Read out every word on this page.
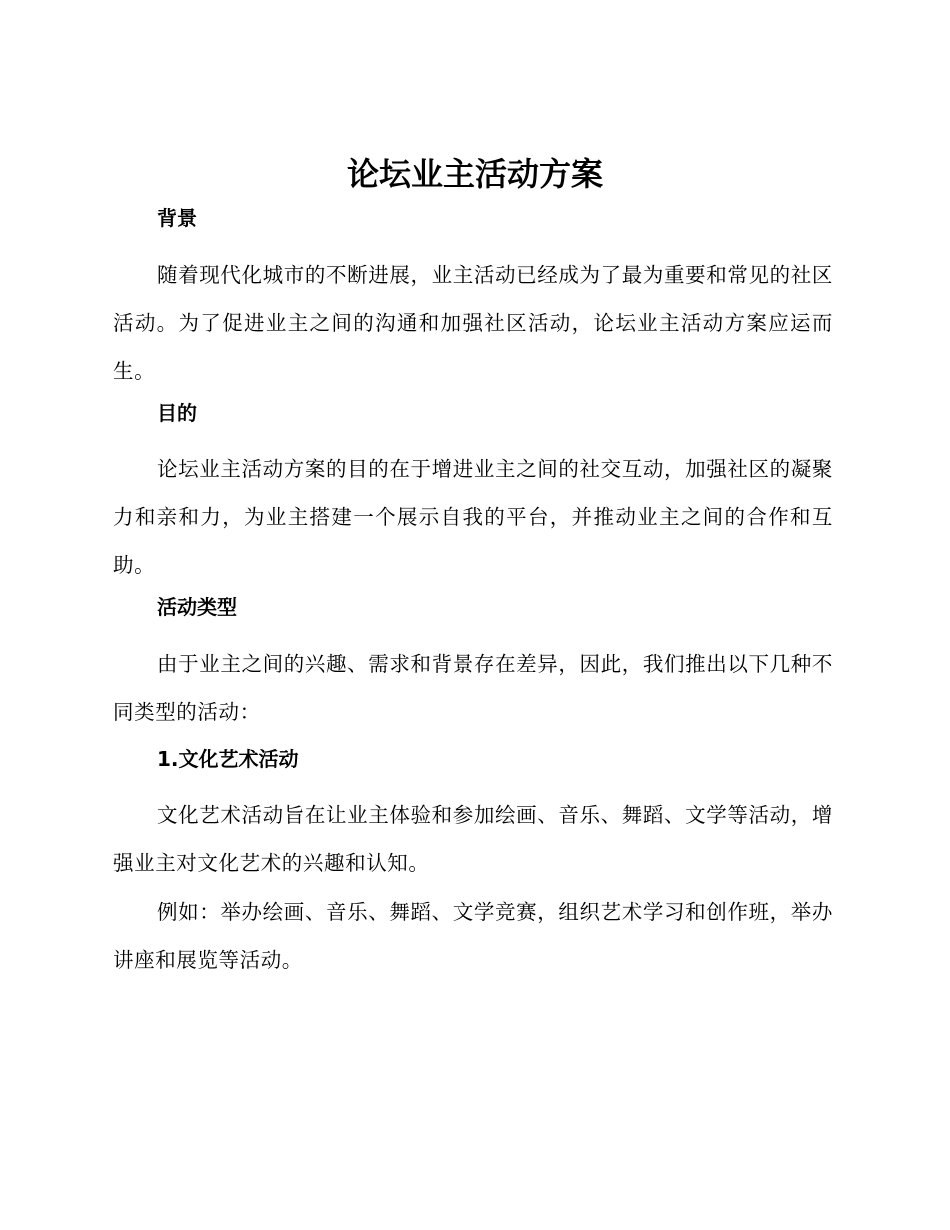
论坛业主活动方案
背景

随着现代化城市的不断进展，业主活动已经成为了最为重要和常见的社区活动。为了促进业主之间的沟通和加强社区活动，论坛业主活动方案应运而生。

目的

论坛业主活动方案的目的在于增进业主之间的社交互动，加强社区的凝聚力和亲和力，为业主搭建一个展示自我的平台，并推动业主之间的合作和互助。

活动类型

由于业主之间的兴趣、需求和背景存在差异，因此，我们推出以下几种不同类型的活动：

1.文化艺术活动

文化艺术活动旨在让业主体验和参加绘画、音乐、舞蹈、文学等活动，增强业主对文化艺术的兴趣和认知。

例如：举办绘画、音乐、舞蹈、文学竞赛，组织艺术学习和创作班，举办讲座和展览等活动。
